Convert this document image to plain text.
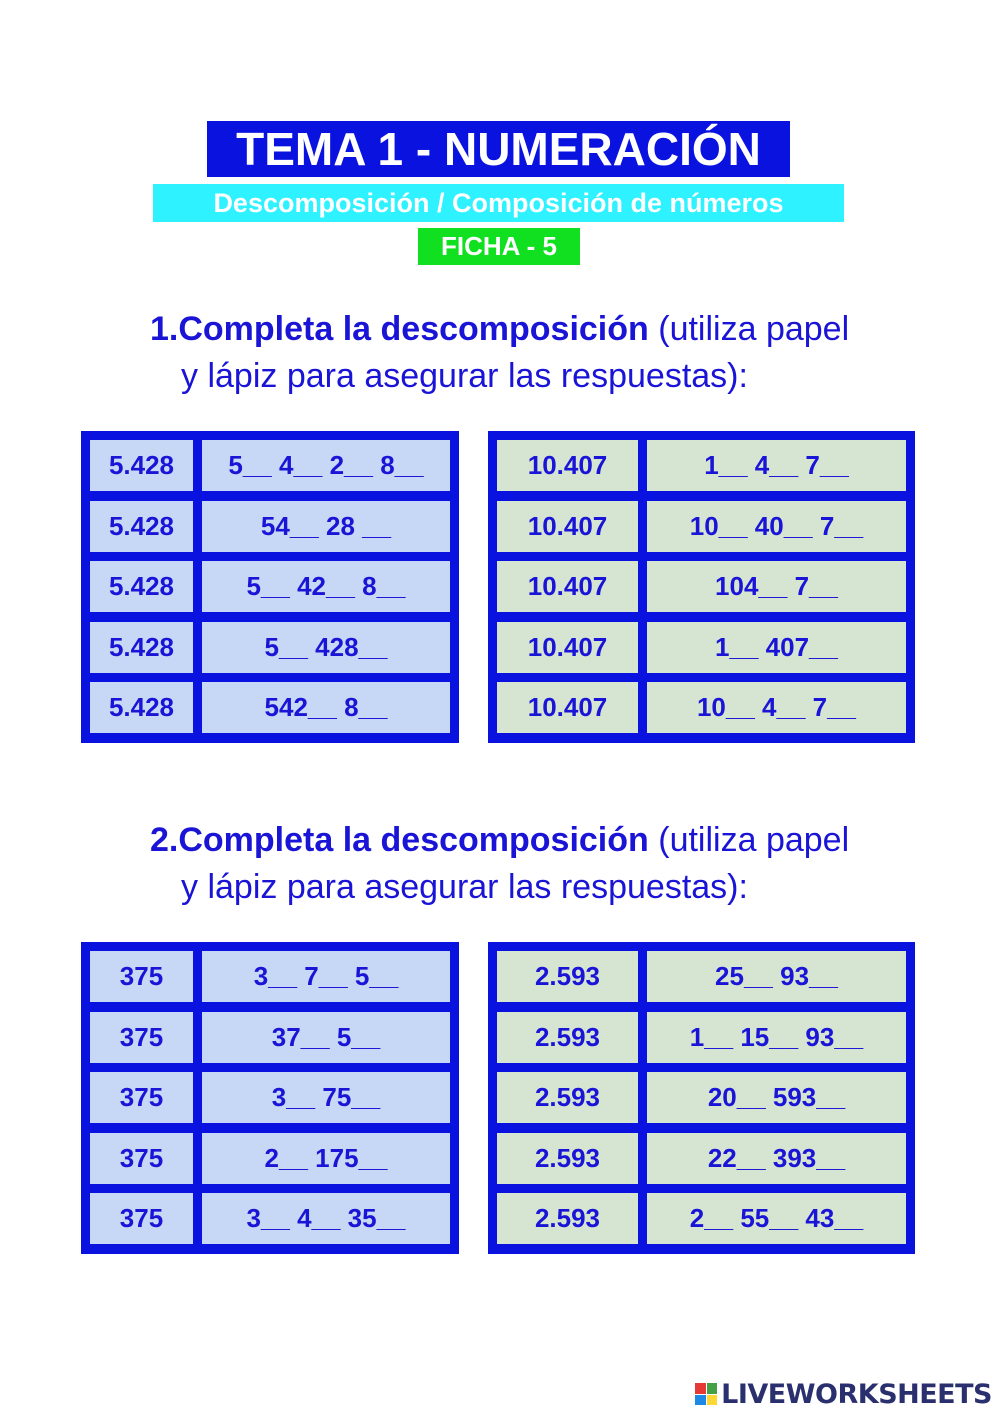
TEMA 1 - NUMERACIÓN
Descomposición / Composición de números
FICHA - 5
1.Completa la descomposición (utiliza papel
y lápiz para asegurar las respuestas):
5.428	5__ 4__ 2__ 8__
5.428	54__ 28 __
5.428	5__ 42__ 8__
5.428	5__ 428__
5.428	542__ 8__
10.407	1__ 4__ 7__
10.407	10__ 40__ 7__
10.407	104__ 7__
10.407	1__ 407__
10.407	10__ 4__ 7__
2.Completa la descomposición (utiliza papel
y lápiz para asegurar las respuestas):
375	3__ 7__ 5__
375	37__ 5__
375	3__ 75__
375	2__ 175__
375	3__ 4__ 35__
2.593	25__ 93__
2.593	1__ 15__ 93__
2.593	20__ 593__
2.593	22__ 393__
2.593	2__ 55__ 43__
LIVEWORKSHEETS
